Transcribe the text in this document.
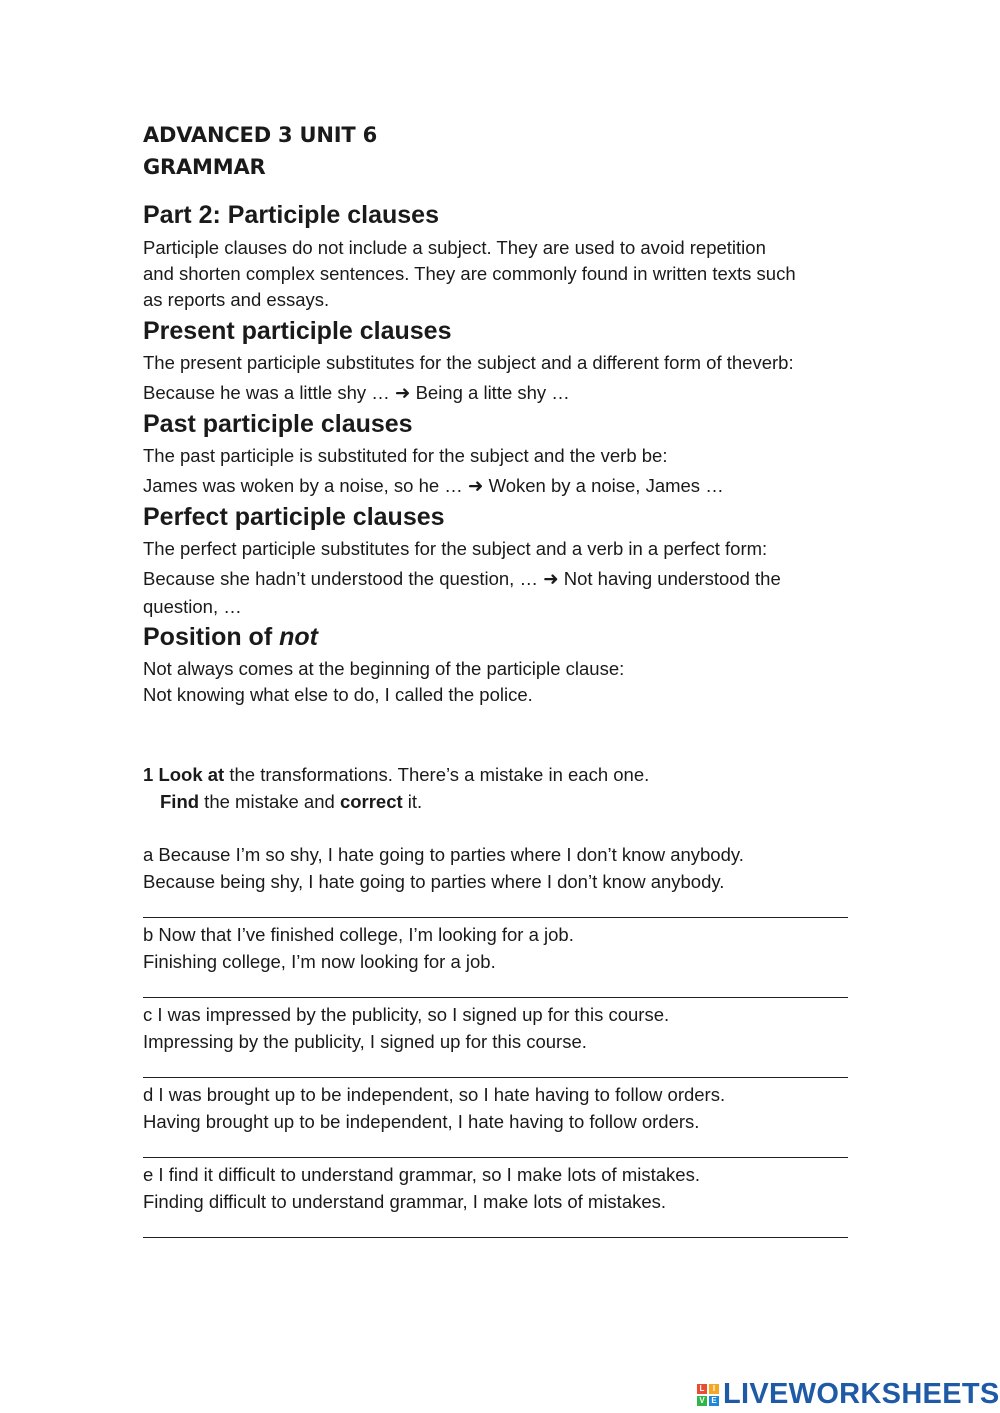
ADVANCED 3 UNIT 6
GRAMMAR
Part 2: Participle clauses
Participle clauses do not include a subject. They are used to avoid repetition
and shorten complex sentences. They are commonly found in written texts such
as reports and essays.
Present participle clauses
The present participle substitutes for the subject and a different form of theverb:
Because he was a little shy … ➜ Being a litte shy …
Past participle clauses
The past participle is substituted for the subject and the verb be:
James was woken by a noise, so he … ➜ Woken by a noise, James …
Perfect participle clauses
The perfect participle substitutes for the subject and a verb in a perfect form:
Because she hadn’t understood the question, … ➜ Not having understood the
question, …
Position of not
Not always comes at the beginning of the participle clause:
Not knowing what else to do, I called the police.
1 Look at the transformations. There’s a mistake in each one.
Find the mistake and correct it.
a Because I’m so shy, I hate going to parties where I don’t know anybody.
Because being shy, I hate going to parties where I don’t know anybody.
b Now that I’ve finished college, I’m looking for a job.
Finishing college, I’m now looking for a job.
c I was impressed by the publicity, so I signed up for this course.
Impressing by the publicity, I signed up for this course.
d I was brought up to be independent, so I hate having to follow orders.
Having brought up to be independent, I hate having to follow orders.
e I find it difficult to understand grammar, so I make lots of mistakes.
Finding difficult to understand grammar, I make lots of mistakes.
L	I
V E LIVEWORKSHEETS
